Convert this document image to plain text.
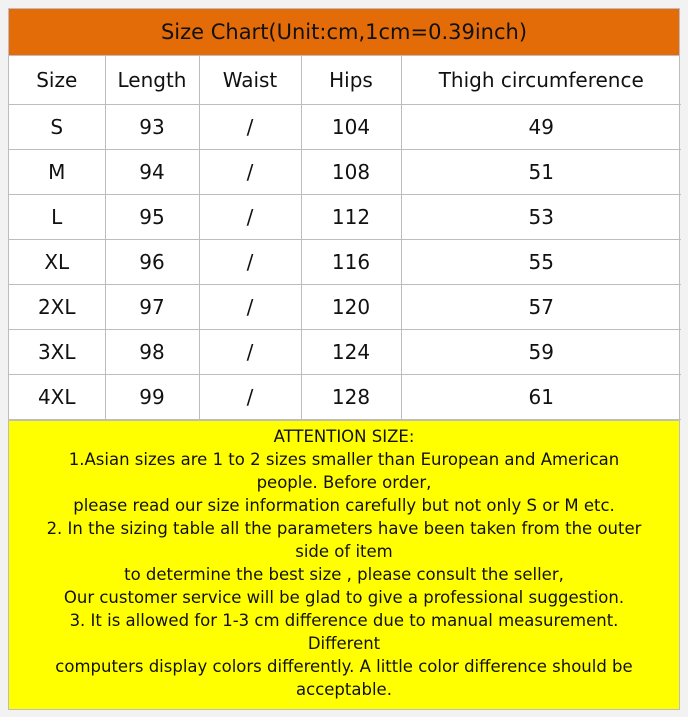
Size Chart(Unit:cm,1cm=0.39inch)
Size	Length	Waist	Hips	Thigh circumference
S	93	/	104	49
M	94	/	108	51
L	95	/	112	53
XL	96	/	116	55
2XL	97	/	120	57
3XL	98	/	124	59
4XL	99	/	128	61
ATTENTION SIZE:
1.Asian sizes are 1 to 2 sizes smaller than European and American
people. Before order,
please read our size information carefully but not only S or M etc.
2. In the sizing table all the parameters have been taken from the outer
side of item
to determine the best size , please consult the seller,
Our customer service will be glad to give a professional suggestion.
3. It is allowed for 1-3 cm difference due to manual measurement.
Different
computers display colors differently. A little color difference should be
acceptable.
